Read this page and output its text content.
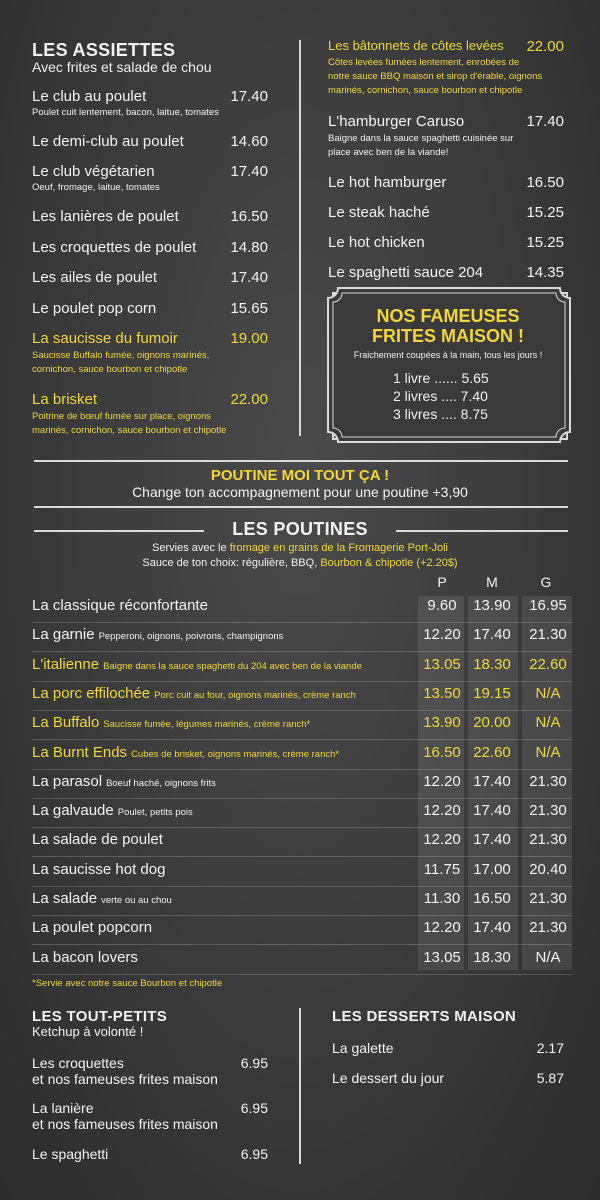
LES ASSIETTES
Avec frites et salade de chou
Le club au poulet	17.40
Poulet cuit lentement, bacon, laitue, tomates
Le demi-club au poulet	14.60
Le club végétarien	17.40
Oeuf, fromage, laitue, tomates
Les lanières de poulet	16.50
Les croquettes de poulet 14.80
Les ailes de poulet	17.40
Le poulet pop corn	15.65
La saucisse du fumoir	19.00
Saucisse Buffalo fumée, oignons marinés,
cornichon, sauce bourbon et chipotle
La brisket	22.00
Poitrine de bœuf fumée sur place, oignons
marinés, cornichon, sauce bourbon et chipotle
Les bâtonnets de côtes levées 22.00
Côtes levées fumées lentement, enrobées de
notre sauce BBQ maison et sirop d'érable, oignons
marinés, cornichon, sauce bourbon et chipotle
L'hamburger Caruso	17.40
Baigne dans la sauce spaghetti cuisinée sur
place avec ben de la viande!
Le hot hamburger	16.50
Le steak haché	15.25
Le hot chicken	15.25
Le spaghetti sauce 204	14.35
NOS FAMEUSES
FRITES MAISON !
Fraichement coupées à la main, tous les jours !
1 livre ...... 5.65
2 livres .... 7.40
3 livres .... 8.75
POUTINE MOI TOUT ÇA !
Change ton accompagnement pour une poutine +3,90
LES POUTINES
Servies avec le fromage en grains de la Fromagerie Port-Joli
Sauce de ton choix: régulière, BBQ, Bourbon & chipotle (+2.20$)
P	M	G
La classique réconfortante	9.60	13.90	16.95
La garnie Pepperoni, oignons, poivrons, champignons	12.20 17.40	21.30
L'italienne Baigne dans la sauce spaghetti du 204 avec ben de la viande	13.05 18.30	22.60
La porc effilochée Porc cuit au four, oignons marinés, crème ranch	13.50 19.15	N/A
La Buffalo Saucisse fumée, légumes marinés, crème ranch*	13.90 20.00	N/A
La Burnt Ends Cubes de brisket, oignons marinés, crème ranch*	16.50 22.60	N/A
La parasol Boeuf haché, oignons frits	12.20 17.40	21.30
La galvaude Poulet, petits pois	12.20 17.40	21.30
La salade de poulet	12.20 17.40	21.30
La saucisse hot dog	11.75 17.00	20.40
La salade verte ou au chou	11.30 16.50	21.30
La poulet popcorn	12.20 17.40	21.30
La bacon lovers	13.05 18.30	N/A
*Servie avec notre sauce Bourbon et chipotle
LES TOUT-PETITS
Ketchup à volonté !
Les croquettes
et nos fameuses frites maison
6.95
La lanière
et nos fameuses frites maison
6.95
Le spaghetti	6.95
LES DESSERTS MAISON
La galette	2.17
Le dessert du jour	5.87
